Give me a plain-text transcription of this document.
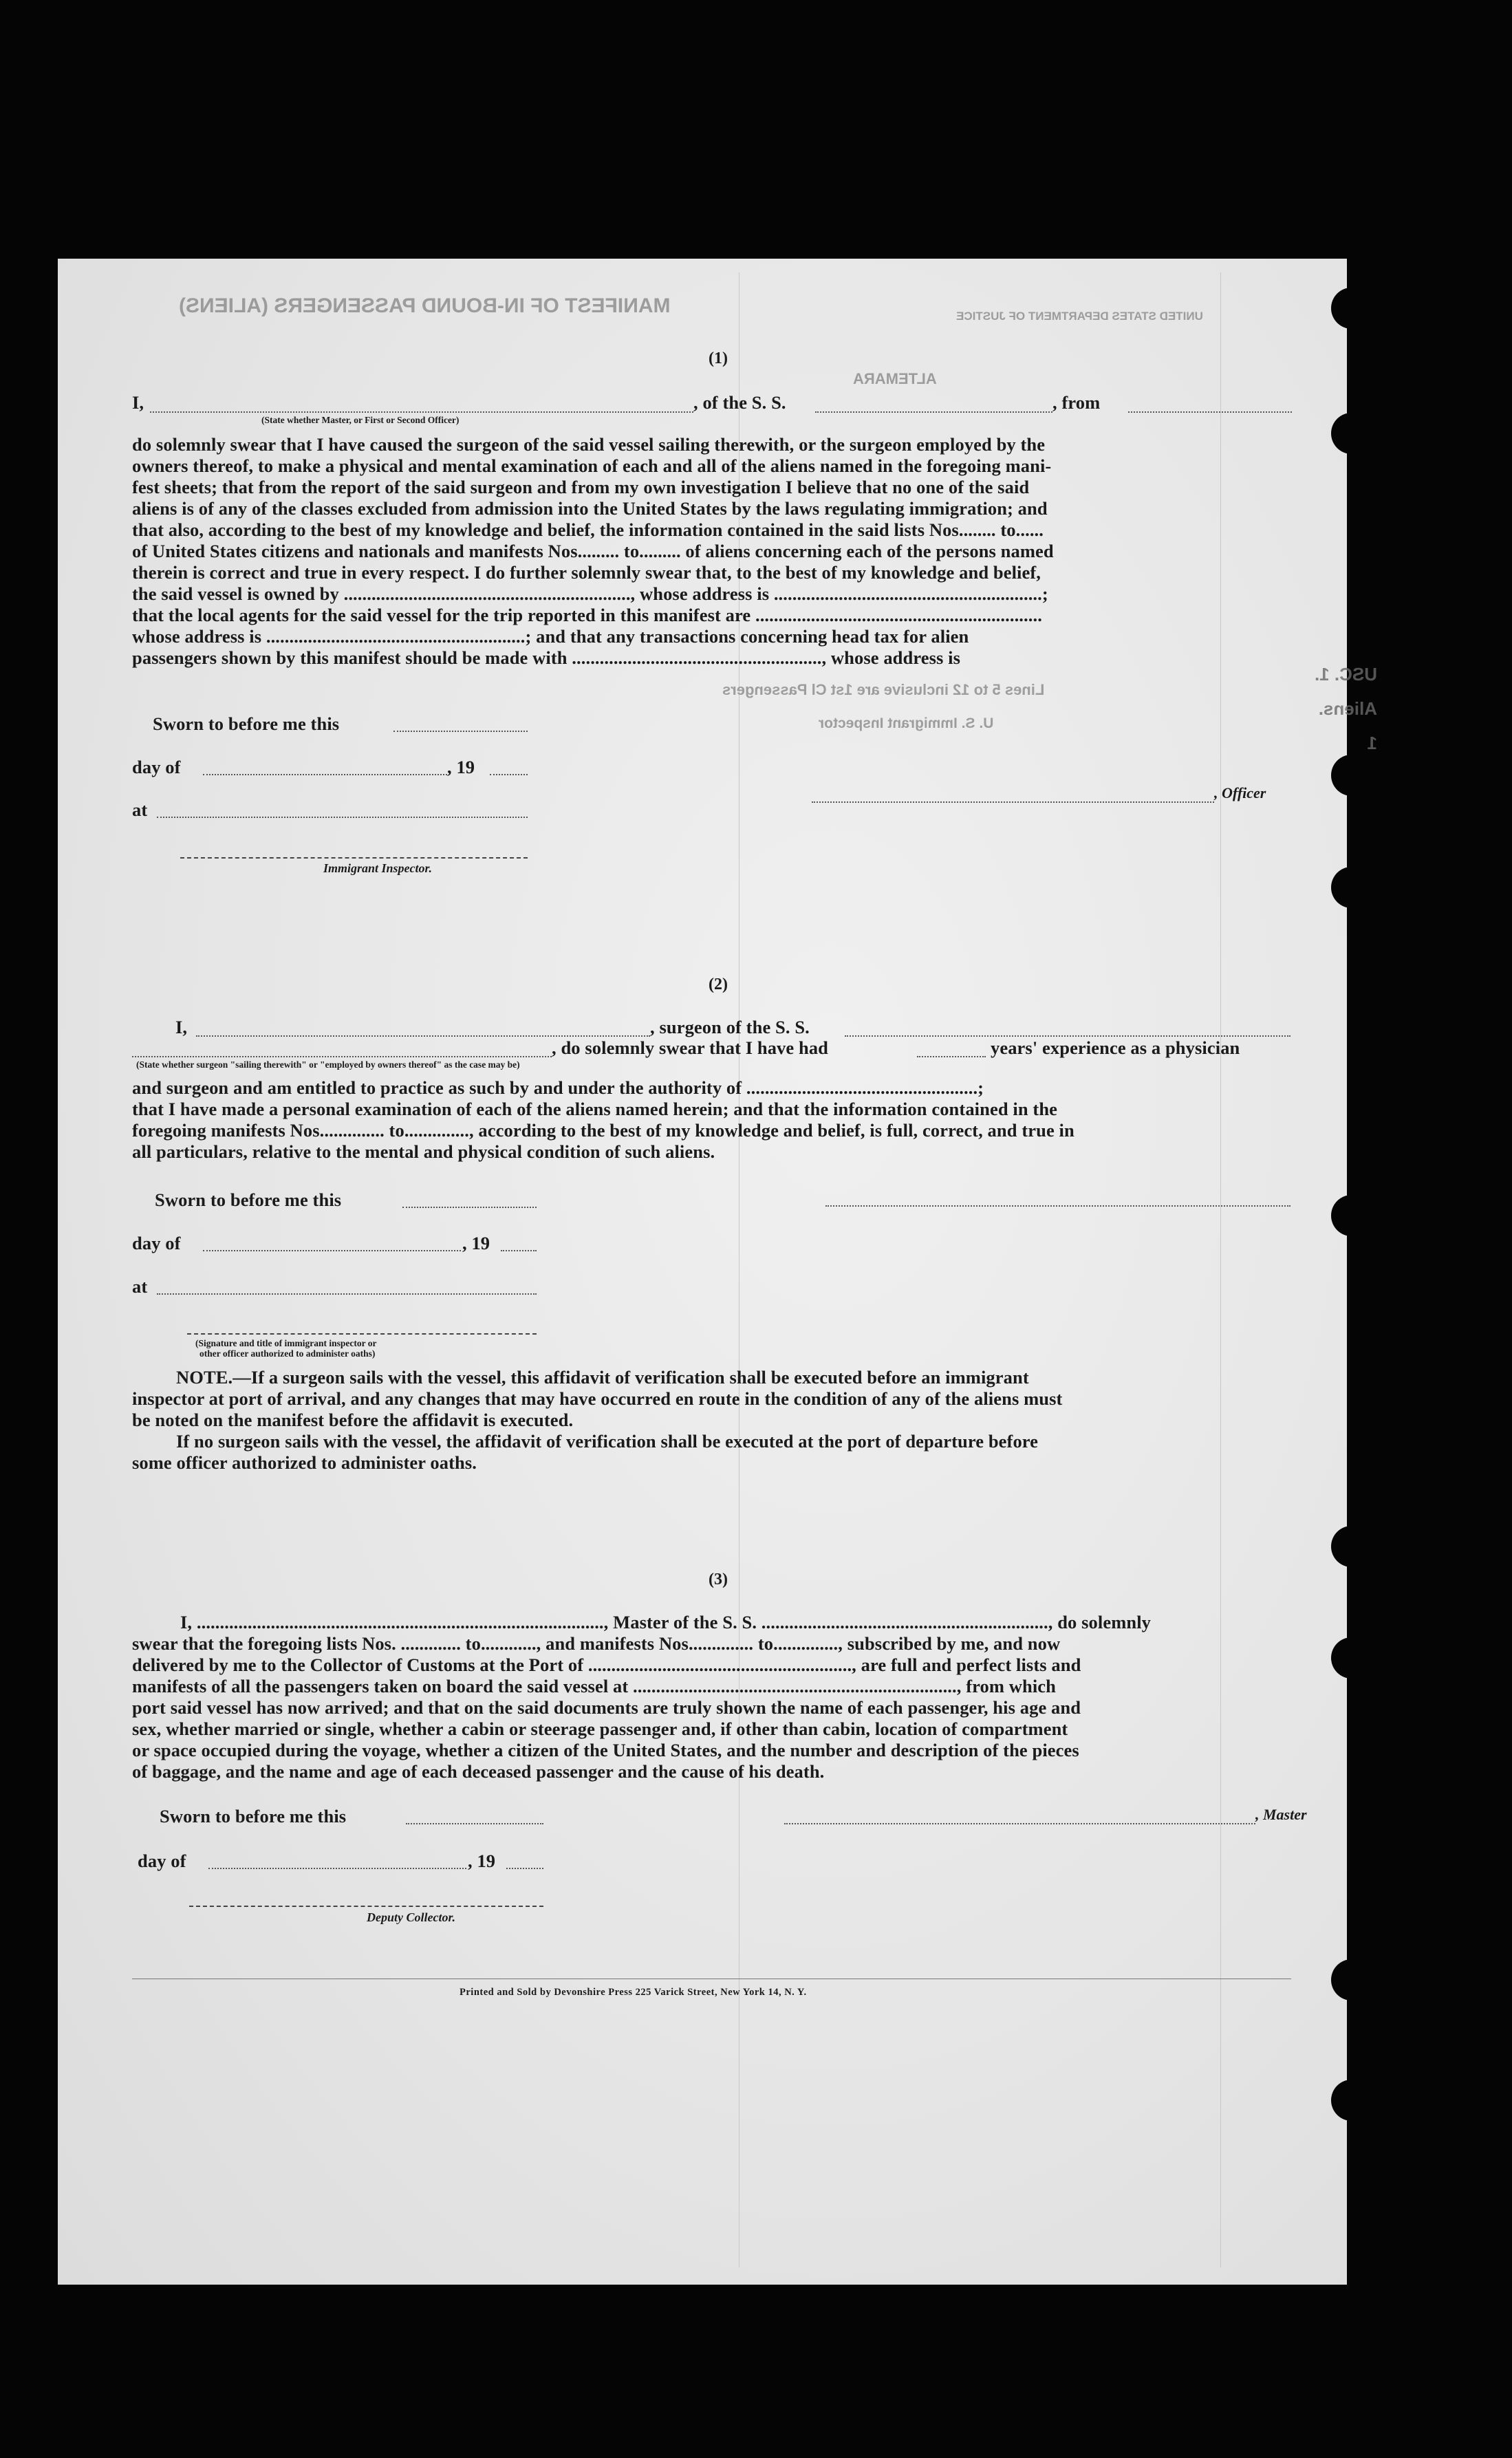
MANIFEST OF IN-BOUND PASSENGERS (ALIENS)	UNITED STATES DEPARTMENT OF JUSTICE
ALTEMARA
Lines 5 to 12 inclusive are 1st Cl Passengers
U. S. Immigrant Inspector
USC. 1. Aliens. 1
(1)
I,	, of the S. S.	, from
(State whether Master, or First or Second Officer)
do solemnly swear that I have caused the surgeon of the said vessel sailing therewith, or the surgeon employed by the
owners thereof, to make a physical and mental examination of each and all of the aliens named in the foregoing mani-
fest sheets; that from the report of the said surgeon and from my own investigation I believe that no one of the said
aliens is of any of the classes excluded from admission into the United States by the laws regulating immigration; and
that also, according to the best of my knowledge and belief, the information contained in the said lists Nos........ to......
of United States citizens and nationals and manifests Nos......... to......... of aliens concerning each of the persons named
therein is correct and true in every respect. I do further solemnly swear that, to the best of my knowledge and belief,
the said vessel is owned by .............................................................., whose address is ..........................................................;
that the local agents for the said vessel for the trip reported in this manifest are ..............................................................
whose address is ........................................................; and that any transactions concerning head tax for alien
passengers shown by this manifest should be made with ......................................................, whose address is
Sworn to before me this
day of	, 19
at
, Officer
Immigrant Inspector.
(2)
I,	, surgeon of the S. S.
, do solemnly swear that I have had	years' experience as a physician
(State whether surgeon "sailing therewith" or "employed by owners thereof" as the case may be)
and surgeon and am entitled to practice as such by and under the authority of ..................................................;
that I have made a personal examination of each of the aliens named herein; and that the information contained in the
foregoing manifests Nos.............. to.............., according to the best of my knowledge and belief, is full, correct, and true in
all particulars, relative to the mental and physical condition of such aliens.
Sworn to before me this
day of	, 19
at
(Signature and title of immigrant inspector or
other officer authorized to administer oaths)
NOTE.—If a surgeon sails with the vessel, this affidavit of verification shall be executed before an immigrant
inspector at port of arrival, and any changes that may have occurred en route in the condition of any of the aliens must
be noted on the manifest before the affidavit is executed.
If no surgeon sails with the vessel, the affidavit of verification shall be executed at the port of departure before
some officer authorized to administer oaths.
(3)
I, ........................................................................................, Master of the S. S. .............................................................., do solemnly
swear that the foregoing lists Nos. ............. to............, and manifests Nos.............. to.............., subscribed by me, and now
delivered by me to the Collector of Customs at the Port of ........................................................., are full and perfect lists and
manifests of all the passengers taken on board the said vessel at ......................................................................, from which
port said vessel has now arrived; and that on the said documents are truly shown the name of each passenger, his age and
sex, whether married or single, whether a cabin or steerage passenger and, if other than cabin, location of compartment
or space occupied during the voyage, whether a citizen of the United States, and the number and description of the pieces
of baggage, and the name and age of each deceased passenger and the cause of his death.
Sworn to before me this	, Master
day of	, 19
Deputy Collector.
Printed and Sold by Devonshire Press 225 Varick Street, New York 14, N. Y.
